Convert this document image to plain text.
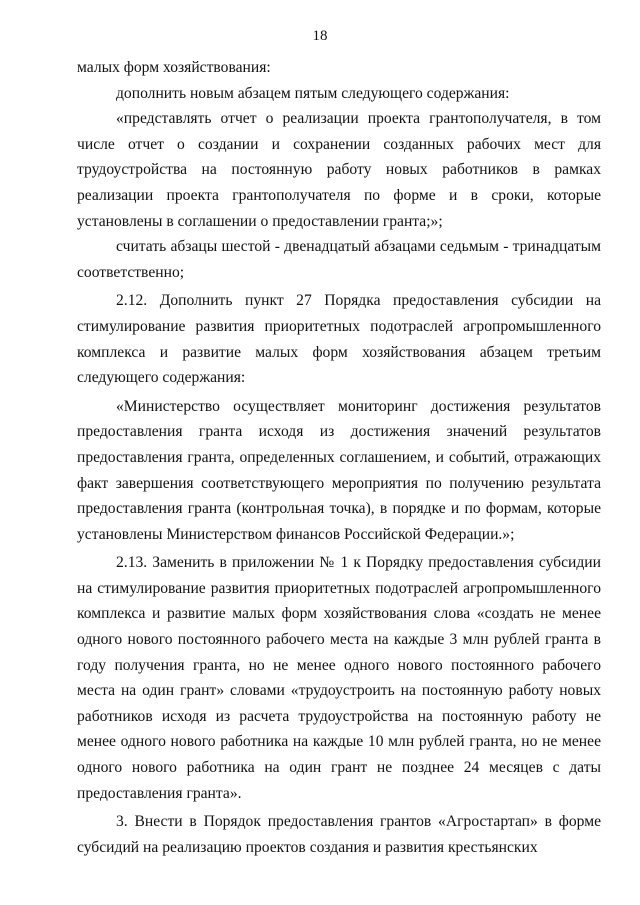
18

малых форм хозяйствования:

дополнить новым абзацем пятым следующего содержания:

«представлять отчет о реализации проекта грантополучателя, в том числе отчет о создании и сохранении созданных рабочих мест для трудоустройства на постоянную работу новых работников в рамках реализации проекта грантополучателя по форме и в сроки, которые установлены в соглашении о предоставлении гранта;»;

считать абзацы шестой - двенадцатый абзацами седьмым - тринадцатым соответственно;

2.12. Дополнить пункт 27 Порядка предоставления субсидии на стимулирование развития приоритетных подотраслей агропромышленного комплекса и развитие малых форм хозяйствования абзацем третьим следующего содержания:

«Министерство осуществляет мониторинг достижения результатов предоставления гранта исходя из достижения значений результатов предоставления гранта, определенных соглашением, и событий, отражающих факт завершения соответствующего мероприятия по получению результата предоставления гранта (контрольная точка), в порядке и по формам, которые установлены Министерством финансов Российской Федерации.»;

2.13. Заменить в приложении № 1 к Порядку предоставления субсидии на стимулирование развития приоритетных подотраслей агропромышленного комплекса и развитие малых форм хозяйствования слова «создать не менее одного нового постоянного рабочего места на каждые 3 млн рублей гранта в году получения гранта, но не менее одного нового постоянного рабочего места на один грант» словами «трудоустроить на постоянную работу новых работников исходя из расчета трудоустройства на постоянную работу не менее одного нового работника на каждые 10 млн рублей гранта, но не менее одного нового работника на один грант не позднее 24 месяцев с даты предоставления гранта».

3. Внести в Порядок предоставления грантов «Агростартап» в форме субсидий на реализацию проектов создания и развития крестьянских
